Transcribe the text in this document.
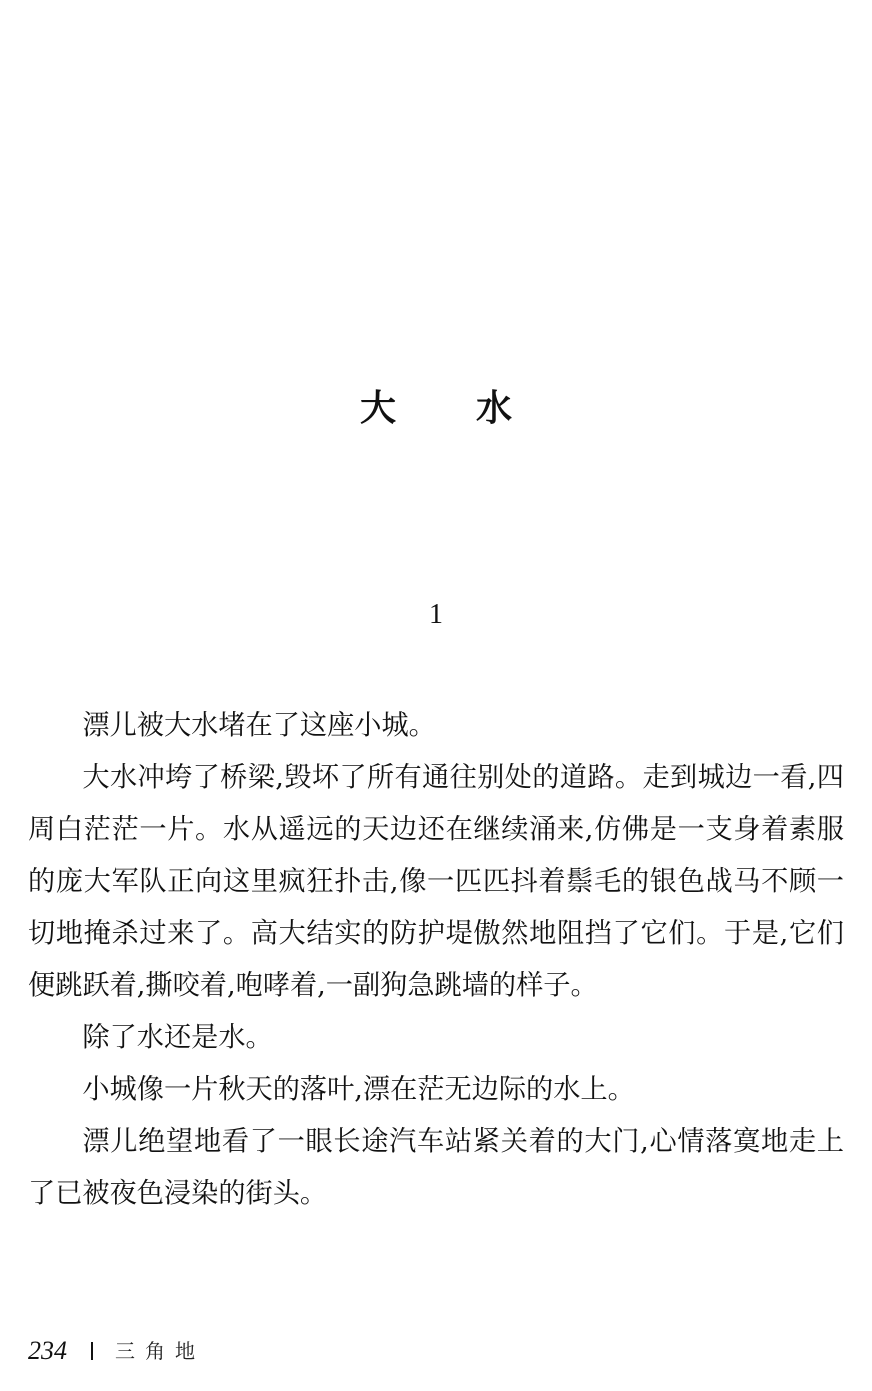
大 水
1

漂儿被大水堵在了这座小城。

大水冲垮了桥梁,毁坏了所有通往别处的道路。走到城边一看,四周白茫茫一片。水从遥远的天边还在继续涌来,仿佛是一支身着素服的庞大军队正向这里疯狂扑击,像一匹匹抖着鬃毛的银色战马不顾一切地掩杀过来了。高大结实的防护堤傲然地阻挡了它们。于是,它们便跳跃着,撕咬着,咆哮着,一副狗急跳墙的样子。

除了水还是水。

小城像一片秋天的落叶,漂在茫无边际的水上。

漂儿绝望地看了一眼长途汽车站紧关着的大门,心情落寞地走上了已被夜色浸染的街头。

234 三角地
